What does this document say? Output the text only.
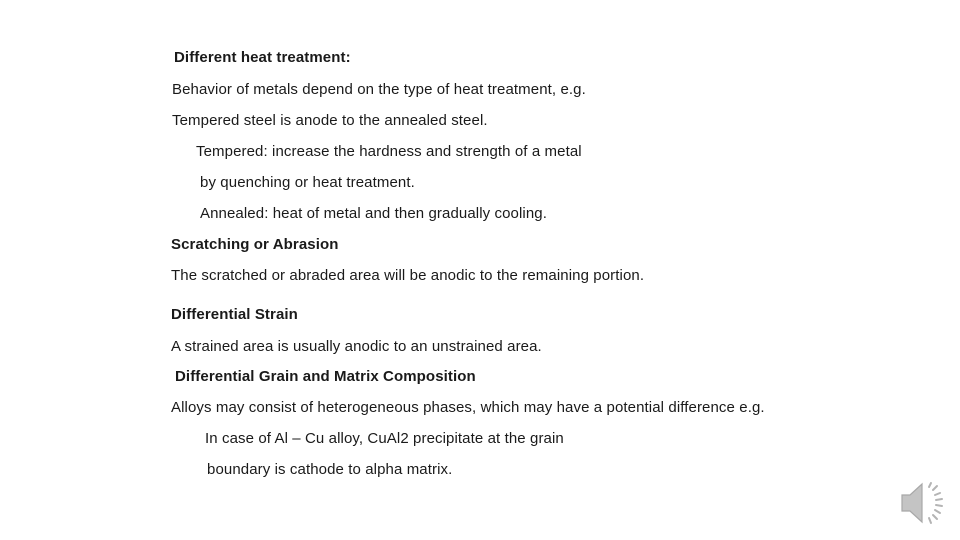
Different heat treatment:
Behavior of metals depend on the type of heat treatment, e.g.
Tempered steel is anode to the annealed steel.
Tempered: increase the hardness and strength of a metal
by quenching or heat treatment.
Annealed: heat of metal and then gradually cooling.
Scratching or Abrasion
The scratched or abraded area will be anodic to the remaining portion.
Differential Strain
A strained area is usually anodic to an unstrained area.
Differential Grain and Matrix Composition
Alloys may consist of heterogeneous phases, which may have a potential difference e.g.
In case of Al – Cu alloy, CuAl2 precipitate at the grain
boundary is cathode to alpha matrix.
